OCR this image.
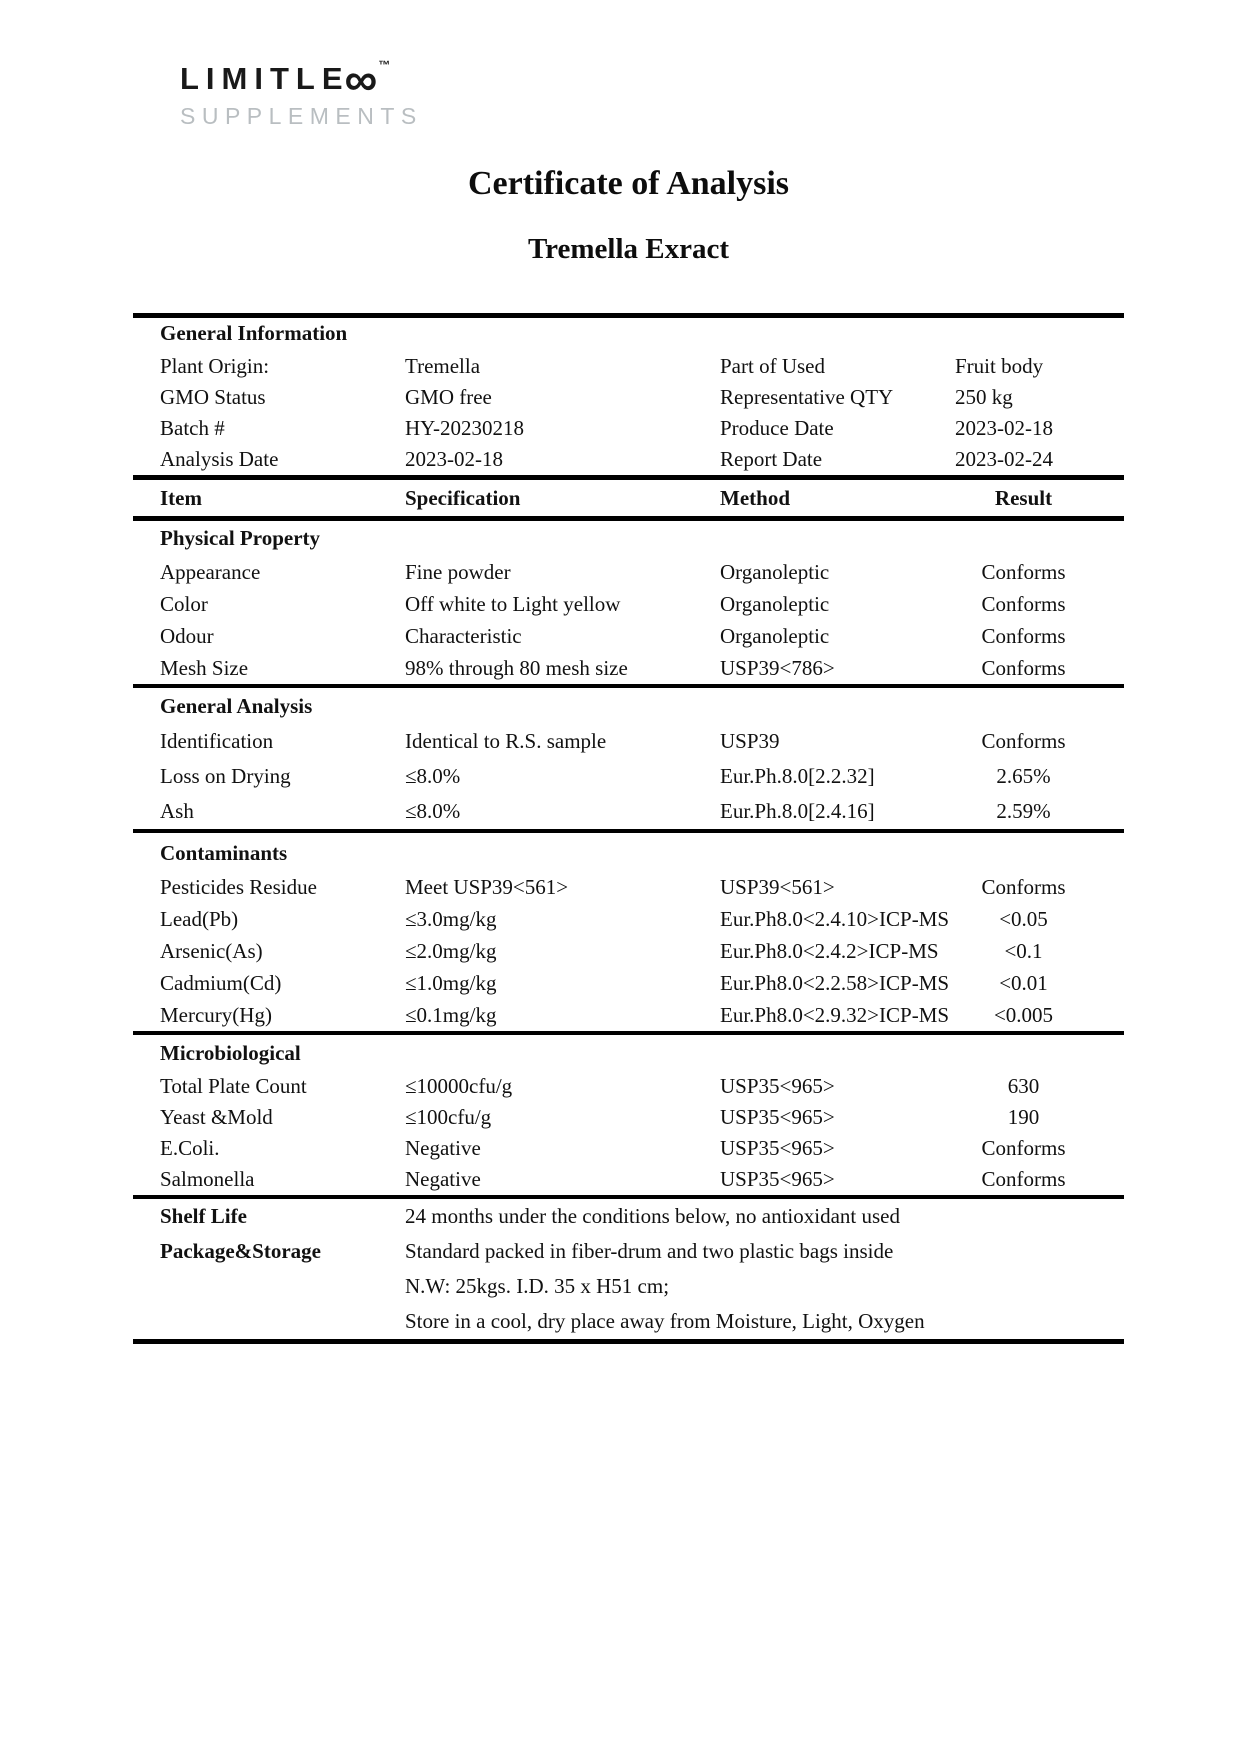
LIMITLE∞™
SUPPLEMENTS
Certificate of Analysis
Tremella Exract
General Information
Plant Origin:	Tremella	Part of Used	Fruit body
GMO Status	GMO free	Representative QTY	250 kg
Batch #	HY-20230218	Produce Date	2023-02-18
Analysis Date	2023-02-18	Report Date	2023-02-24
Item	Specification	Method	Result
Physical Property
Appearance	Fine powder	Organoleptic	Conforms
Color	Off white to Light yellow	Organoleptic	Conforms
Odour	Characteristic	Organoleptic	Conforms
Mesh Size	98% through 80 mesh size	USP39<786>	Conforms
General Analysis
Identification	Identical to R.S. sample	USP39	Conforms
Loss on Drying	≤8.0%	Eur.Ph.8.0[2.2.32]	2.65%
Ash	≤8.0%	Eur.Ph.8.0[2.4.16]	2.59%
Contaminants
Pesticides Residue	Meet USP39<561>	USP39<561>	Conforms
Lead(Pb)	≤3.0mg/kg	Eur.Ph8.0<2.4.10>ICP-MS	<0.05
Arsenic(As)	≤2.0mg/kg	Eur.Ph8.0<2.4.2>ICP-MS	<0.1
Cadmium(Cd)	≤1.0mg/kg	Eur.Ph8.0<2.2.58>ICP-MS	<0.01
Mercury(Hg)	≤0.1mg/kg	Eur.Ph8.0<2.9.32>ICP-MS	<0.005
Microbiological
Total Plate Count	≤10000cfu/g	USP35<965>	630
Yeast &Mold	≤100cfu/g	USP35<965>	190
E.Coli.	Negative	USP35<965>	Conforms
Salmonella	Negative	USP35<965>	Conforms
Shelf Life	24 months under the conditions below, no antioxidant used
Package&Storage	Standard packed in fiber-drum and two plastic bags inside
N.W: 25kgs. I.D. 35 x H51 cm;
Store in a cool, dry place away from Moisture, Light, Oxygen
